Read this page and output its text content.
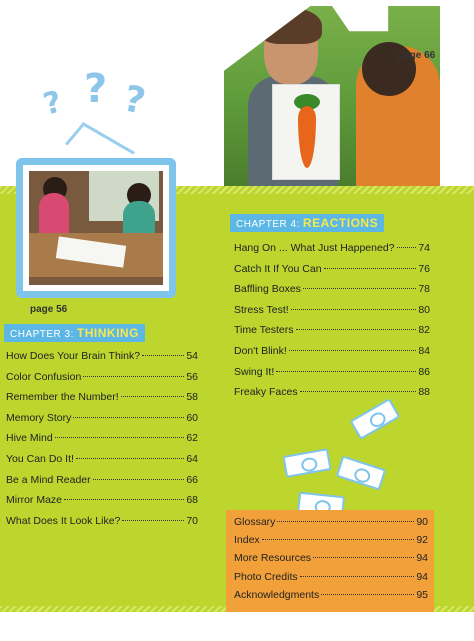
page 66
? ? ?
page 56
CHAPTER 3: THINKING
How Does Your Brain Think?	54
Color Confusion	56
Remember the Number!	58
Memory Story	60
Hive Mind	62
You Can Do It!	64
Be a Mind Reader	66
Mirror Maze	68
What Does It Look Like?	70
CHAPTER 4: REACTIONS
Hang On ... What Just Happened? 74
Catch It If You Can	76
Baffling Boxes	78
Stress Test!	80
Time Testers	82
Don't Blink!	84
Swing It!	86
Freaky Faces	88
Glossary	90
Index	92
More Resources	94
Photo Credits	94
Acknowledgments	95
